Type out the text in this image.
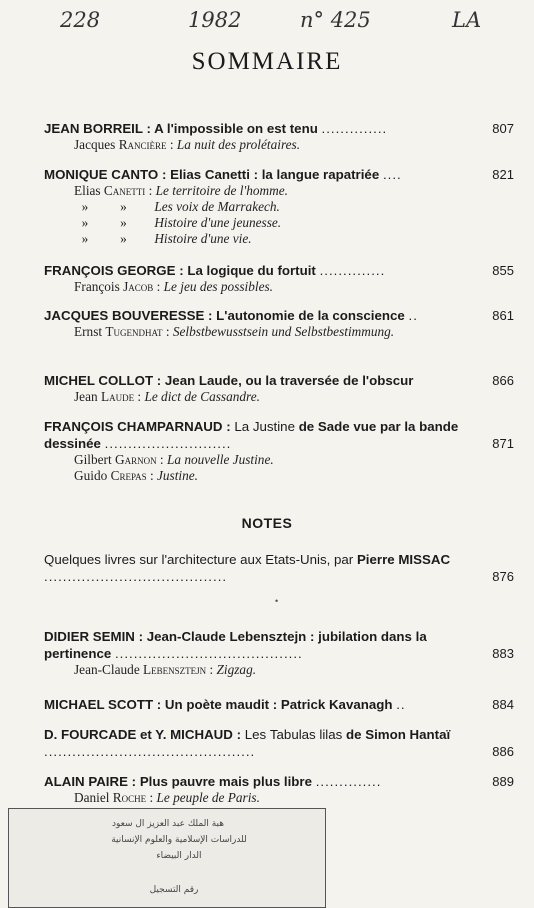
228	1982	n° 425	LA
SOMMAIRE
JEAN BORREIL : A l'impossible on est tenu ..............	807
Jacques Rancière : La nuit des prolétaires.
MONIQUE CANTO : Elias Canetti : la langue rapatriée ....	821
Elias Canetti : Le territoire de l'homme.
» » Les voix de Marrakech.
» » Histoire d'une jeunesse.
» » Histoire d'une vie.
FRANÇOIS GEORGE : La logique du fortuit ..............	855
François Jacob : Le jeu des possibles.
JACQUES BOUVERESSE : L'autonomie de la conscience ..	861
Ernst Tugendhat : Selbstbewusstsein und Selbstbestimmung.
MICHEL COLLOT : Jean Laude, ou la traversée de l'obscur	866
Jean Laude : Le dict de Cassandre.
FRANÇOIS CHAMPARNAUD : La Justine de Sade vue par la bande dessinée ...........................	871
Gilbert Garnon : La nouvelle Justine.
Guido Crepas : Justine.
NOTES
Quelques livres sur l'architecture aux Etats-Unis, par Pierre MISSAC .......................................	876
•
DIDIER SEMIN : Jean-Claude Lebensztejn : jubilation dans la pertinence ........................................	883
Jean-Claude Lebensztejn : Zigzag.
MICHAEL SCOTT : Un poète maudit : Patrick Kavanagh ..	884
D. FOURCADE et Y. MICHAUD : Les Tabulas lilas de Simon Hantaï .............................................	886
ALAIN PAIRE : Plus pauvre mais plus libre ..............	889
Daniel Roche : Le peuple de Paris.
هبة الملك عبد العزيز آل سعود
للدراسات الإسلامية والعلوم الإنسانية
الدار البيضاء
رقم التسجيل
